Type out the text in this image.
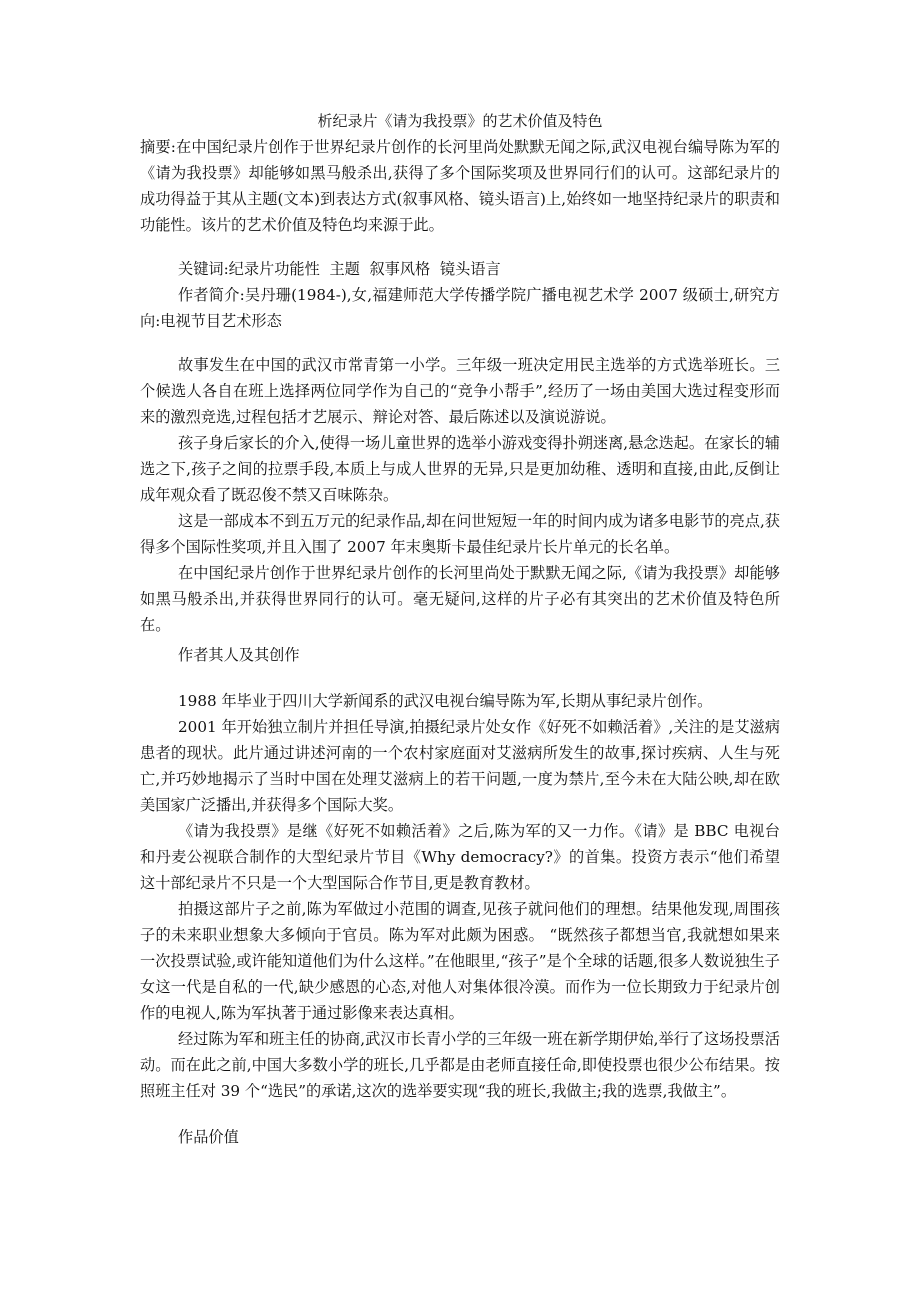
析纪录片《请为我投票》的艺术价值及特色

摘要:在中国纪录片创作于世界纪录片创作的长河里尚处默默无闻之际,武汉电视台编导陈为军的《请为我投票》却能够如黑马般杀出,获得了多个国际奖项及世界同行们的认可。这部纪录片的成功得益于其从主题(文本)到表达方式(叙事风格、镜头语言)上,始终如一地坚持纪录片的职责和功能性。该片的艺术价值及特色均来源于此。

关键词:纪录片功能性  主题  叙事风格  镜头语言

作者简介:吴丹珊(1984-),女,福建师范大学传播学院广播电视艺术学 2007 级硕士,研究方向:电视节目艺术形态

故事发生在中国的武汉市常青第一小学。三年级一班决定用民主选举的方式选举班长。三个候选人各自在班上选择两位同学作为自己的“竞争小帮手”,经历了一场由美国大选过程变形而来的激烈竞选,过程包括才艺展示、辩论对答、最后陈述以及演说游说。

孩子身后家长的介入,使得一场儿童世界的选举小游戏变得扑朔迷离,悬念迭起。在家长的辅选之下,孩子之间的拉票手段,本质上与成人世界的无异,只是更加幼稚、透明和直接,由此,反倒让成年观众看了既忍俊不禁又百味陈杂。

这是一部成本不到五万元的纪录作品,却在问世短短一年的时间内成为诸多电影节的亮点,获得多个国际性奖项,并且入围了 2007 年末奥斯卡最佳纪录片长片单元的长名单。

在中国纪录片创作于世界纪录片创作的长河里尚处于默默无闻之际,《请为我投票》却能够如黑马般杀出,并获得世界同行的认可。毫无疑问,这样的片子必有其突出的艺术价值及特色所在。

作者其人及其创作

1988 年毕业于四川大学新闻系的武汉电视台编导陈为军,长期从事纪录片创作。

2001 年开始独立制片并担任导演,拍摄纪录片处女作《好死不如赖活着》,关注的是艾滋病患者的现状。此片通过讲述河南的一个农村家庭面对艾滋病所发生的故事,探讨疾病、人生与死亡,并巧妙地揭示了当时中国在处理艾滋病上的若干问题,一度为禁片,至今未在大陆公映,却在欧美国家广泛播出,并获得多个国际大奖。

《请为我投票》是继《好死不如赖活着》之后,陈为军的又一力作。《请》是 BBC 电视台和丹麦公视联合制作的大型纪录片节目《Why democracy?》的首集。投资方表示“他们希望这十部纪录片不只是一个大型国际合作节目,更是教育教材。

拍摄这部片子之前,陈为军做过小范围的调查,见孩子就问他们的理想。结果他发现,周围孩子的未来职业想象大多倾向于官员。陈为军对此颇为困惑。 “既然孩子都想当官,我就想如果来一次投票试验,或许能知道他们为什么这样。”在他眼里,“孩子”是个全球的话题,很多人数说独生子女这一代是自私的一代,缺少感恩的心态,对他人对集体很冷漠。而作为一位长期致力于纪录片创作的电视人,陈为军执著于通过影像来表达真相。

经过陈为军和班主任的协商,武汉市长青小学的三年级一班在新学期伊始,举行了这场投票活动。而在此之前,中国大多数小学的班长,几乎都是由老师直接任命,即使投票也很少公布结果。按照班主任对 39 个“选民”的承诺,这次的选举要实现“我的班长,我做主;我的选票,我做主”。

作品价值
